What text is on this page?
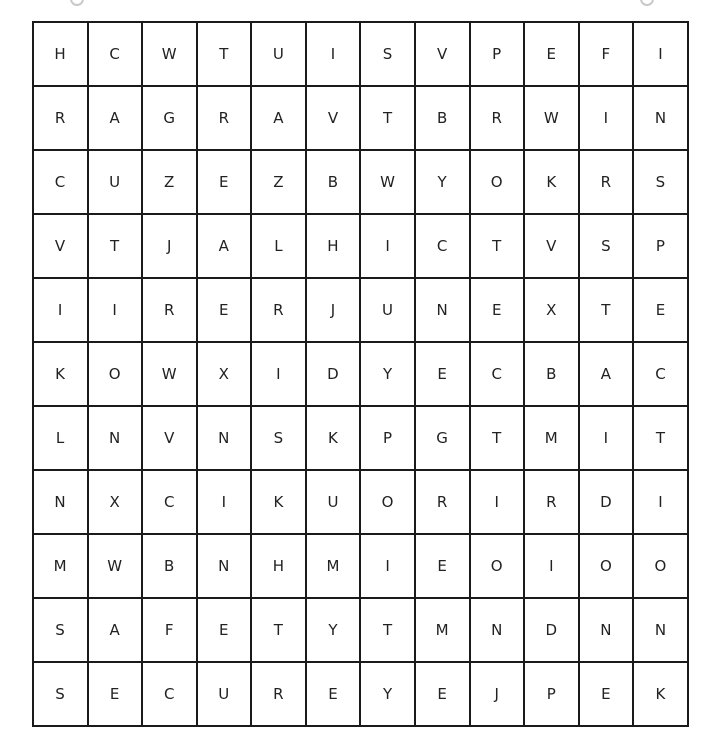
H	C	W	T	U	I	S	V	P	E	F	I
R	A	G	R	A	V	T	B	R	W	I	N
C	U	Z	E	Z	B	W	Y	O	K	R	S
V	T	J	A	L	H	I	C	T	V	S	P
I	I	R	E	R	J	U	N	E	X	T	E
K	O	W	X	I	D	Y	E	C	B	A	C
L	N	V	N	S	K	P	G	T	M	I	T
N	X	C	I	K	U	O	R	I	R	D	I
M	W	B	N	H	M	I	E	O	I	O	O
S	A	F	E	T	Y	T	M	N	D	N	N
S	E	C	U	R	E	Y	E	J	P	E	K
